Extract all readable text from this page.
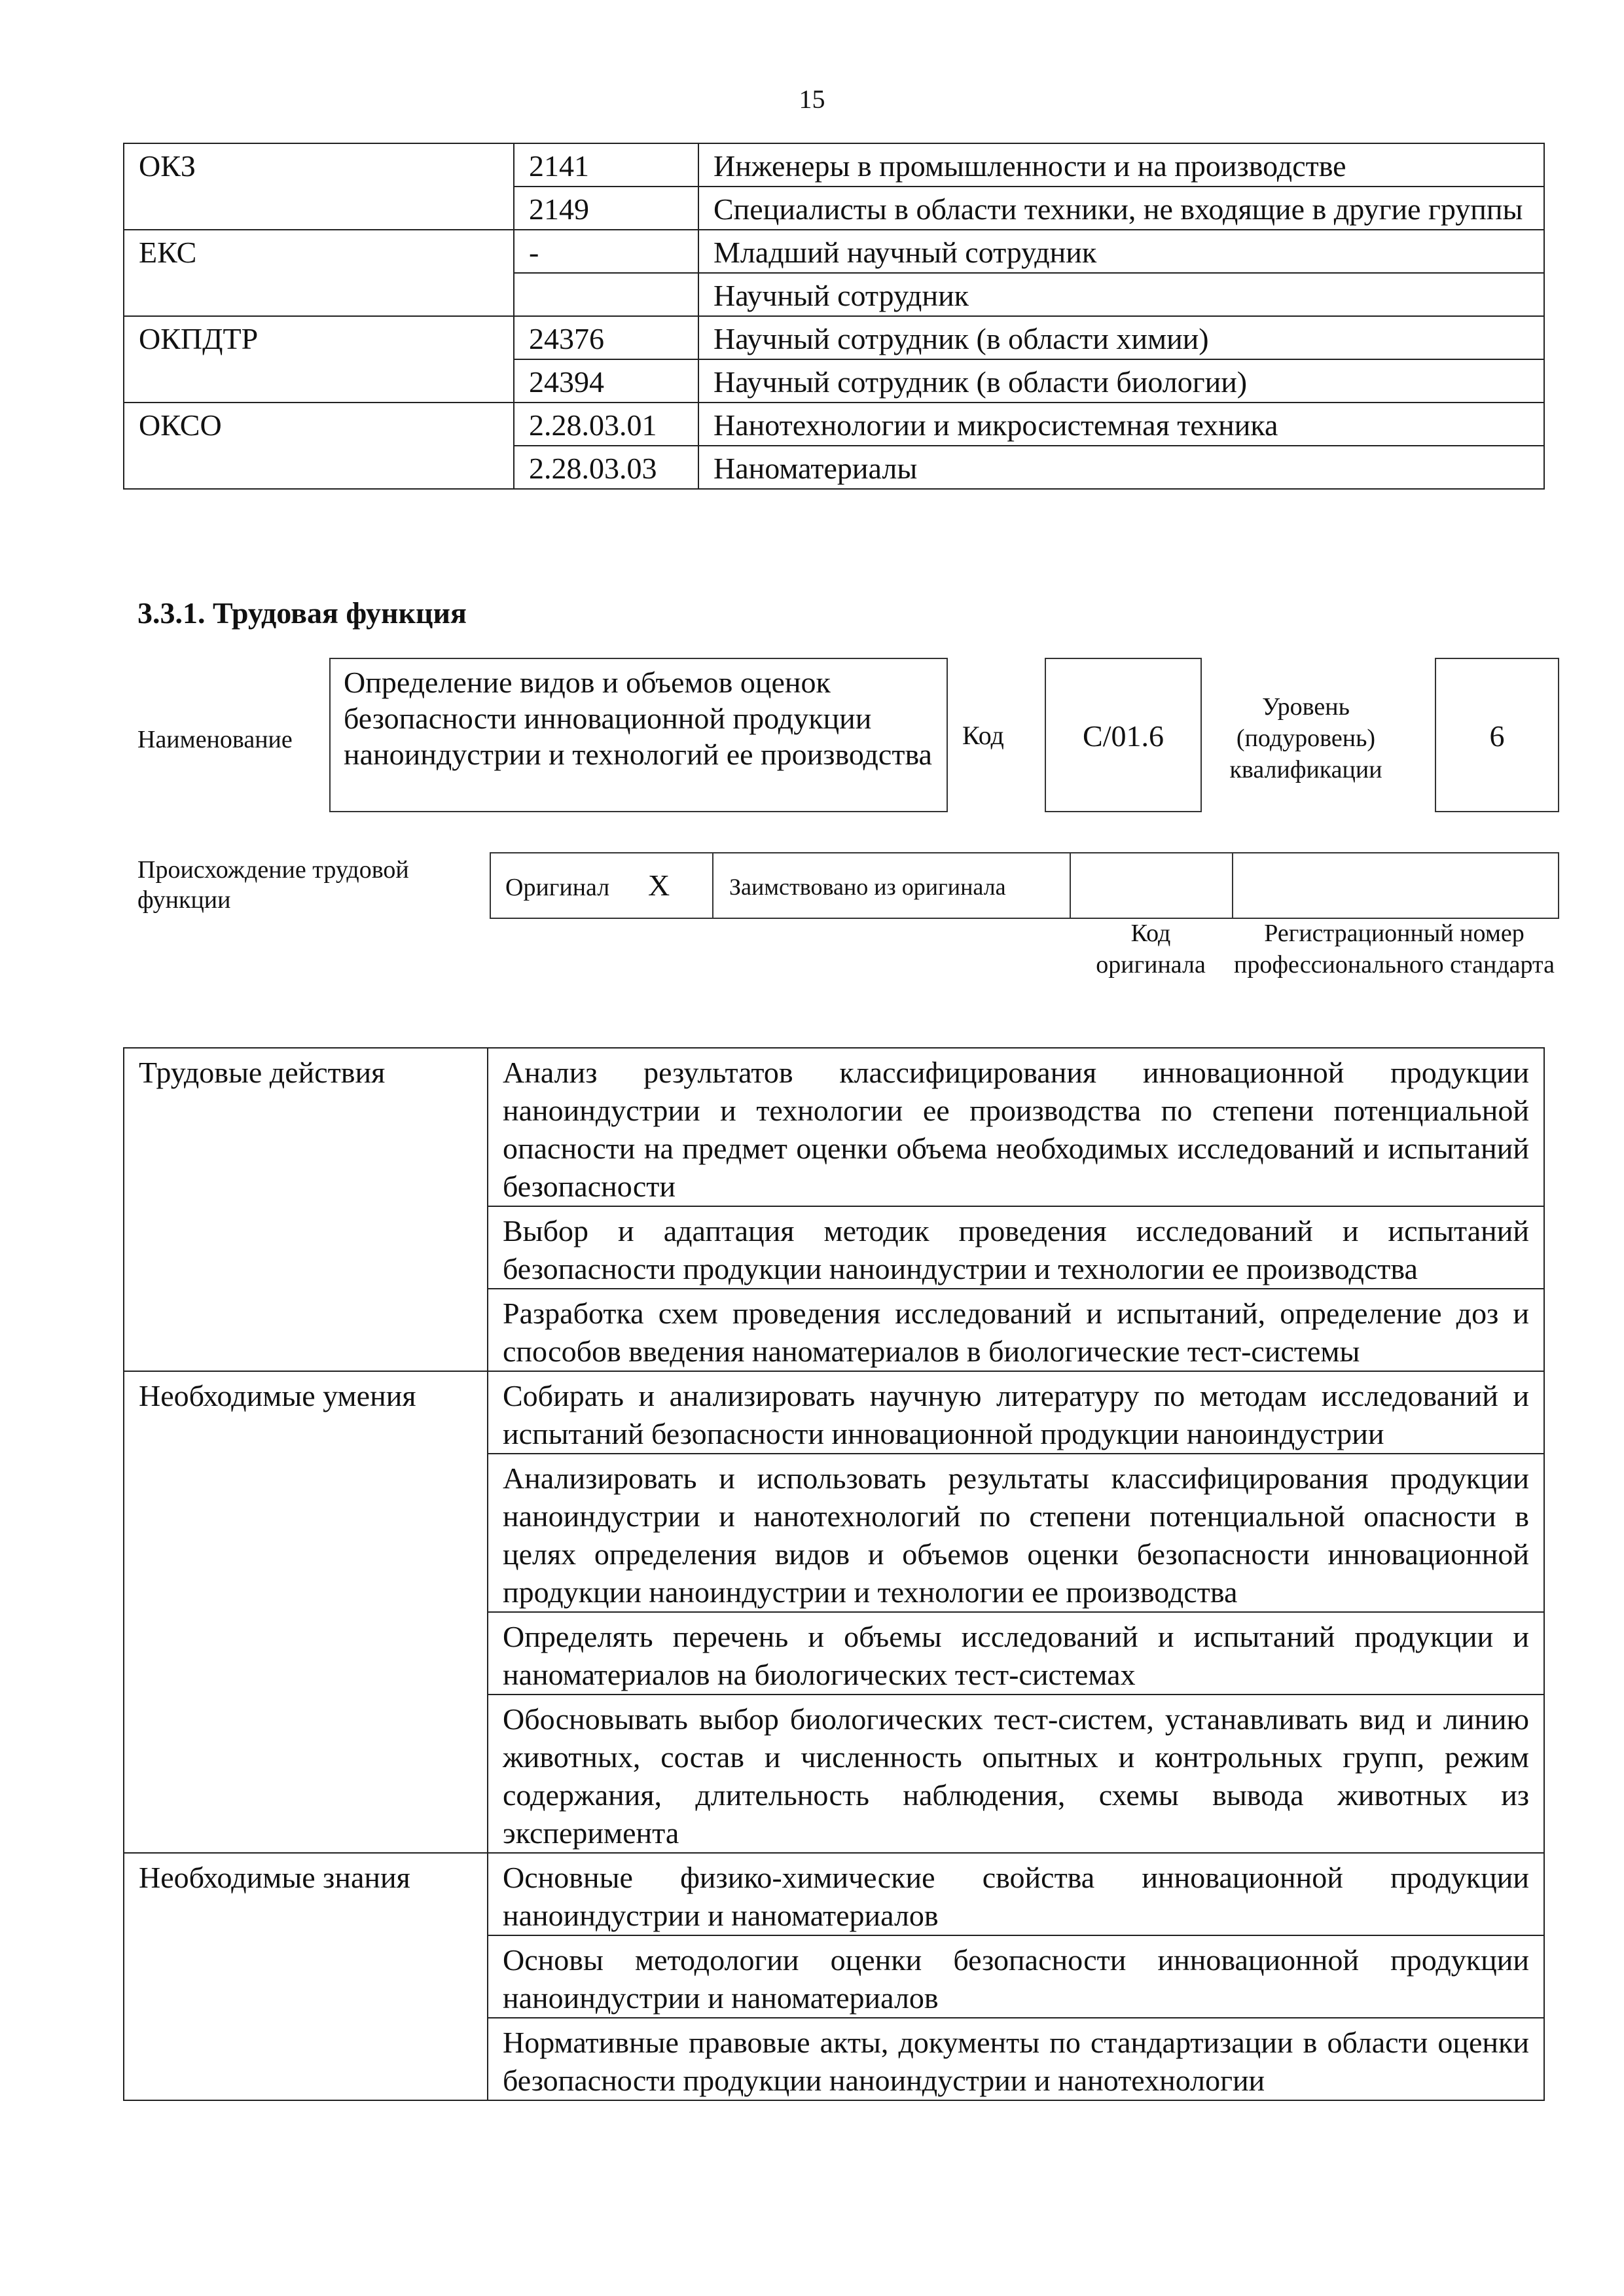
15
ОКЗ	2141	Инженеры в промышленности и на производстве
	2149	Специалисты в области техники, не входящие в другие группы
ЕКС	-	Младший научный сотрудник
		Научный сотрудник
ОКПДТР	24376	Научный сотрудник (в области химии)
	24394	Научный сотрудник (в области биологии)
ОКСО	2.28.03.01	Нанотехнологии и микросистемная техника
	2.28.03.03	Наноматериалы
3.3.1. Трудовая функция
Наименование
Определение видов и объемов оценок безопасности инновационной продукции наноиндустрии и технологий ее производства
Код	C/01.6
Уровень (подуровень) квалификации
6
Происхождение трудовой функции	Оригинал X	Заимствовано из оригинала
Код оригинала
Регистрационный номер профессионального стандарта
Трудовые действия	Анализ результатов классифицирования инновационной продукции наноиндустрии и технологии ее производства по степени потенциальной опасности на предмет оценки объема необходимых исследований и испытаний безопасности
	Выбор и адаптация методик проведения исследований и испытаний безопасности продукции наноиндустрии и технологии ее производства
	Разработка схем проведения исследований и испытаний, определение доз и способов введения наноматериалов в биологические тест-системы
Необходимые умения	Собирать и анализировать научную литературу по методам исследований и испытаний безопасности инновационной продукции наноиндустрии
	Анализировать и использовать результаты классифицирования продукции наноиндустрии и нанотехнологий по степени потенциальной опасности в целях определения видов и объемов оценки безопасности инновационной продукции наноиндустрии и технологии ее производства
	Определять перечень и объемы исследований и испытаний продукции и наноматериалов на биологических тест-системах
	Обосновывать выбор биологических тест-систем, устанавливать вид и линию животных, состав и численность опытных и контрольных групп, режим содержания, длительность наблюдения, схемы вывода животных из эксперимента
Необходимые знания	Основные физико-химические свойства инновационной продукции наноиндустрии и наноматериалов
	Основы методологии оценки безопасности инновационной продукции наноиндустрии и наноматериалов
	Нормативные правовые акты, документы по стандартизации в области оценки безопасности продукции наноиндустрии и нанотехнологии
